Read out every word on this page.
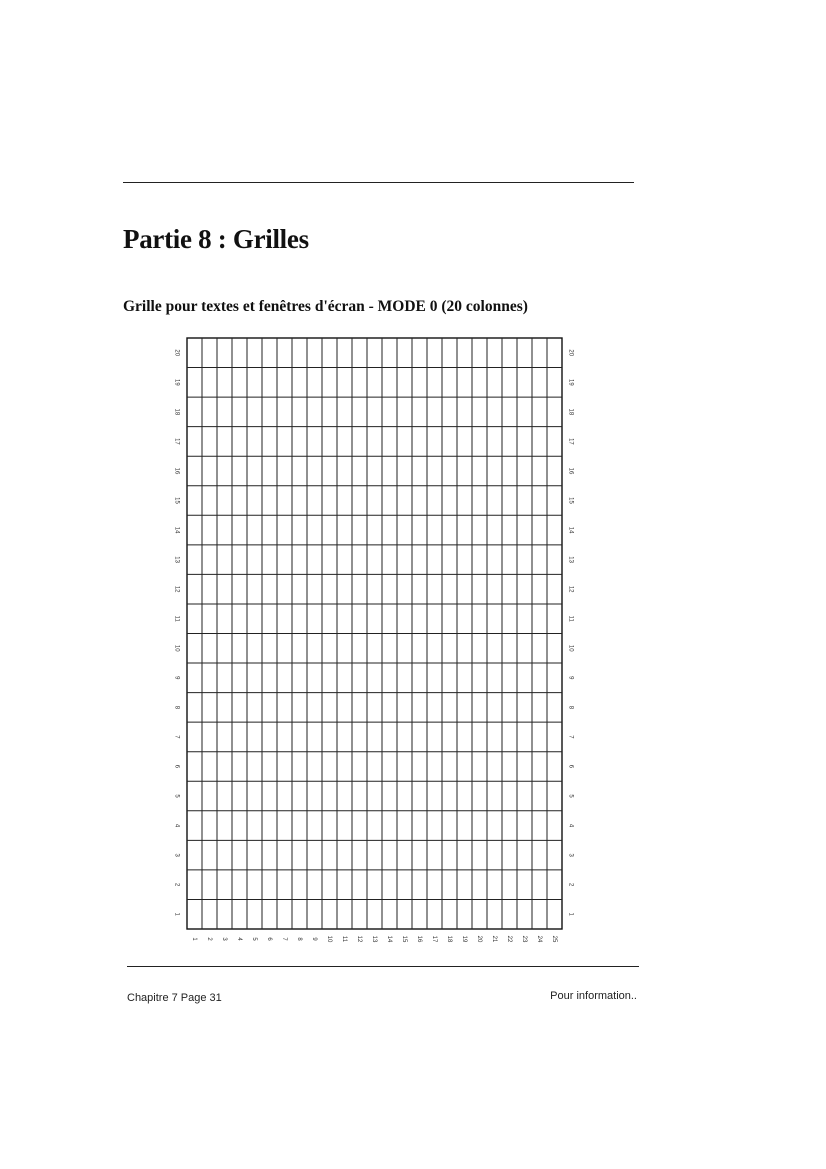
Partie 8 : Grilles
Grille pour textes et fenêtres d'écran - MODE 0 (20 colonnes)
1 2 3 4 5 6 7 8 9 10 11 12 13 14 15 16 17 18 19 20 21 22 23 24 25
1	1
2	2
3	3
4	4
5	5
6	6
7	7
8	8
9	9
10	10
11	11
12	12
13	13
14	14
15	15
16	16
17	17
18	18
19	19
20	20
Chapitre 7 Page 31	Pour information..
